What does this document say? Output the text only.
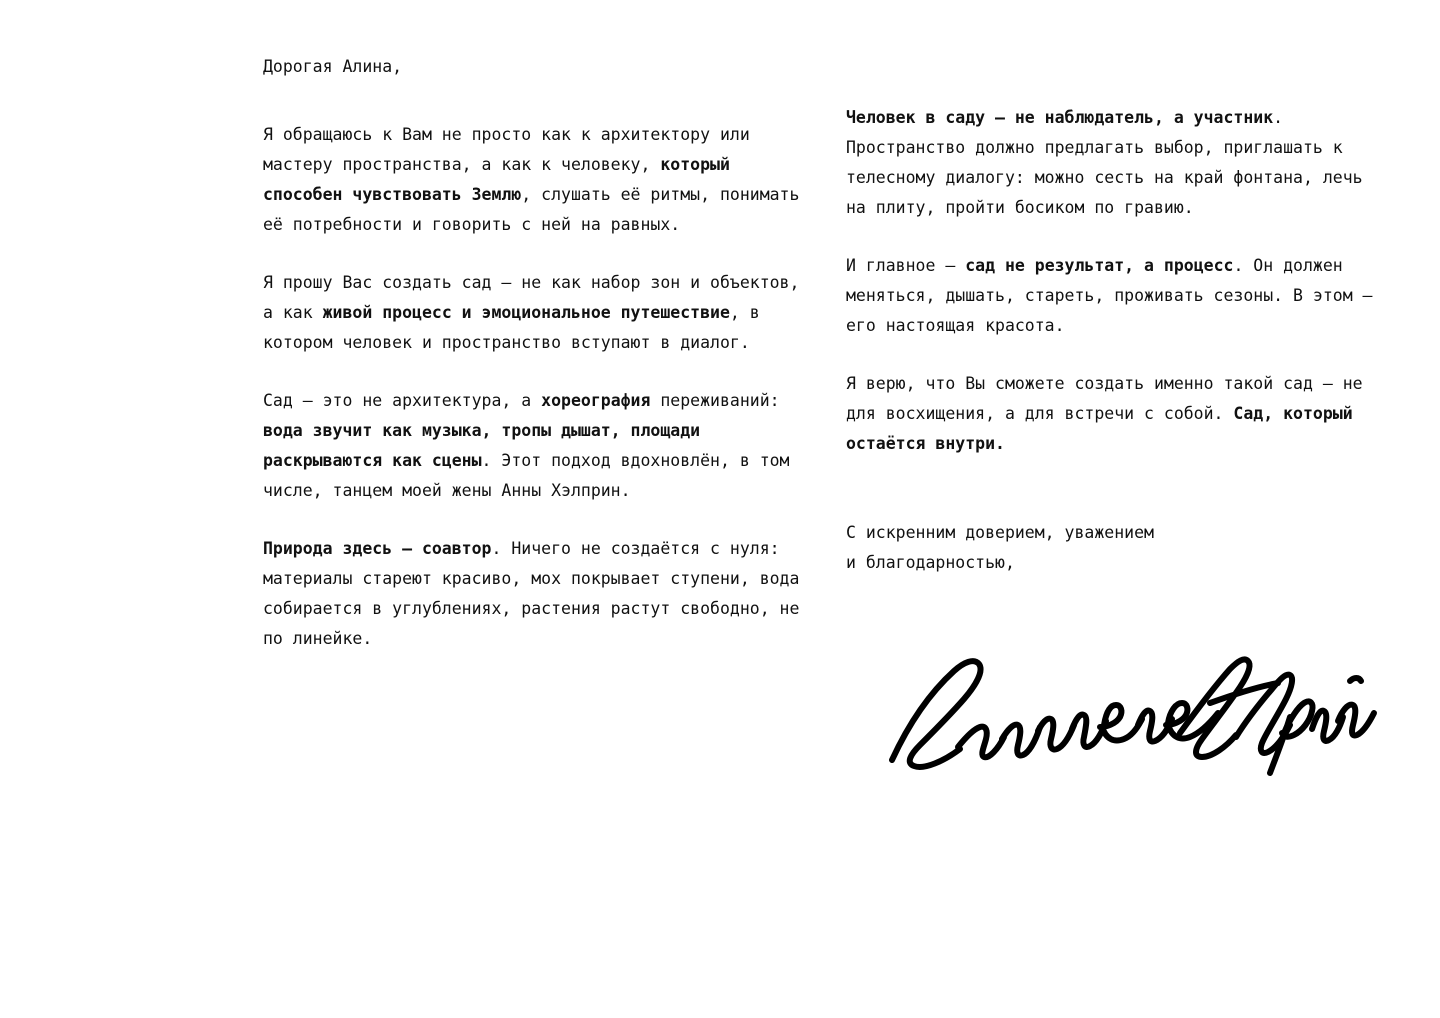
Дорогая Алина,

Я обращаюсь к Вам не просто как к архитектору или мастеру пространства, а как к человеку, который способен чувствовать Землю, слушать её ритмы, понимать её потребности и говорить с ней на равных.

Я прошу Вас создать сад — не как набор зон и объектов, а как живой процесс и эмоциональное путешествие, в котором человек и пространство вступают в диалог.

Сад — это не архитектура, а хореография переживаний: вода звучит как музыка, тропы дышат, площади раскрываются как сцены. Этот подход вдохновлён, в том числе, танцем моей жены Анны Хэлприн.

Природа здесь — соавтор. Ничего не создаётся с нуля: материалы стареют красиво, мох покрывает ступени, вода собирается в углублениях, растения растут свободно, не по линейке.

Человек в саду — не наблюдатель, а участник. Пространство должно предлагать выбор, приглашать к телесному диалогу: можно сесть на край фонтана, лечь на плиту, пройти босиком по гравию.

И главное — сад не результат, а процесс. Он должен меняться, дышать, стареть, проживать сезоны. В этом — его настоящая красота.

Я верю, что Вы сможете создать именно такой сад — не для восхищения, а для встречи с собой. Сад, который остаётся внутри.

С искренним доверием, уважением
и благодарностью,
